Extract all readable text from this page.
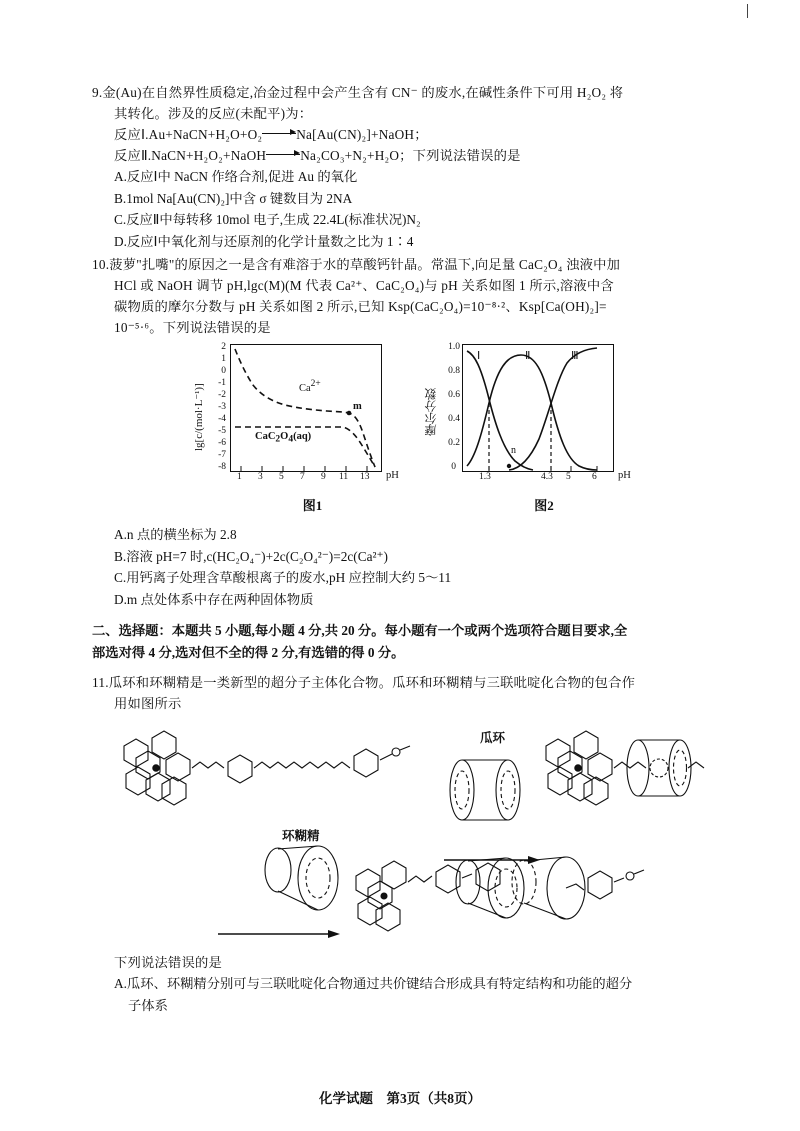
9.金(Au)在自然界性质稳定,冶金过程中会产生含有 CN⁻ 的废水,在碱性条件下可用 H₂O₂ 将
其转化。涉及的反应(未配平)为：
反应Ⅰ.Au+NaCN+H₂O+O₂	Na[Au(CN)₂]+NaOH；
反应Ⅱ.NaCN+H₂O₂+NaOH	Na₂CO₃+N₂+H₂O；下列说法错误的是
A.反应Ⅰ中 NaCN 作络合剂,促进 Au 的氧化
B.1mol Na[Au(CN)₂]中含 σ 键数目为 2NA
C.反应Ⅱ中每转移 10mol 电子,生成 22.4L(标准状况)N₂
D.反应Ⅰ中氧化剂与还原剂的化学计量数之比为 1∶4
10.菠萝"扎嘴"的原因之一是含有难溶于水的草酸钙针晶。常温下,向足量 CaC₂O₄ 浊液中加
HCl 或 NaOH 调节 pH,lgc(M)(M 代表 Ca²⁺、CaC₂O₄)与 pH 关系如图 1 所示,溶液中含
碳物质的摩尔分数与 pH 关系如图 2 所示,已知 Ksp(CaC₂O₄)=10⁻⁸·²、Ksp[Ca(OH)₂]=
10⁻⁵·⁶。下列说法错误的是
lg[c/(mol·L⁻¹)]
2
1
0
-1
-2
-3
-4
-5
-6
-7
-8
Ca2+
CaC2O4(aq)
m
1 3 5 7 9 11 13 pH
图1
摩尔分数
1.0
0.8
0.6
0.4
0.2
0
Ⅰ	Ⅱ	Ⅲ
n
1.3	4.3 5 6 pH
图2
A.n 点的横坐标为 2.8
B.溶液 pH=7 时,c(HC₂O₄⁻)+2c(C₂O₄²⁻)=2c(Ca²⁺)
C.用钙离子处理含草酸根离子的废水,pH 应控制大约 5～11
D.m 点处体系中存在两种固体物质
二、选择题：本题共 5 小题,每小题 4 分,共 20 分。每小题有一个或两个选项符合题目要求,全
部选对得 4 分,选对但不全的得 2 分,有选错的得 0 分。
11.瓜环和环糊精是一类新型的超分子主体化合物。瓜环和环糊精与三联吡啶化合物的包合作
用如图所示
瓜环
环糊精
下列说法错误的是
A.瓜环、环糊精分别可与三联吡啶化合物通过共价键结合形成具有特定结构和功能的超分
子体系
化学试题　第3页（共8页）
